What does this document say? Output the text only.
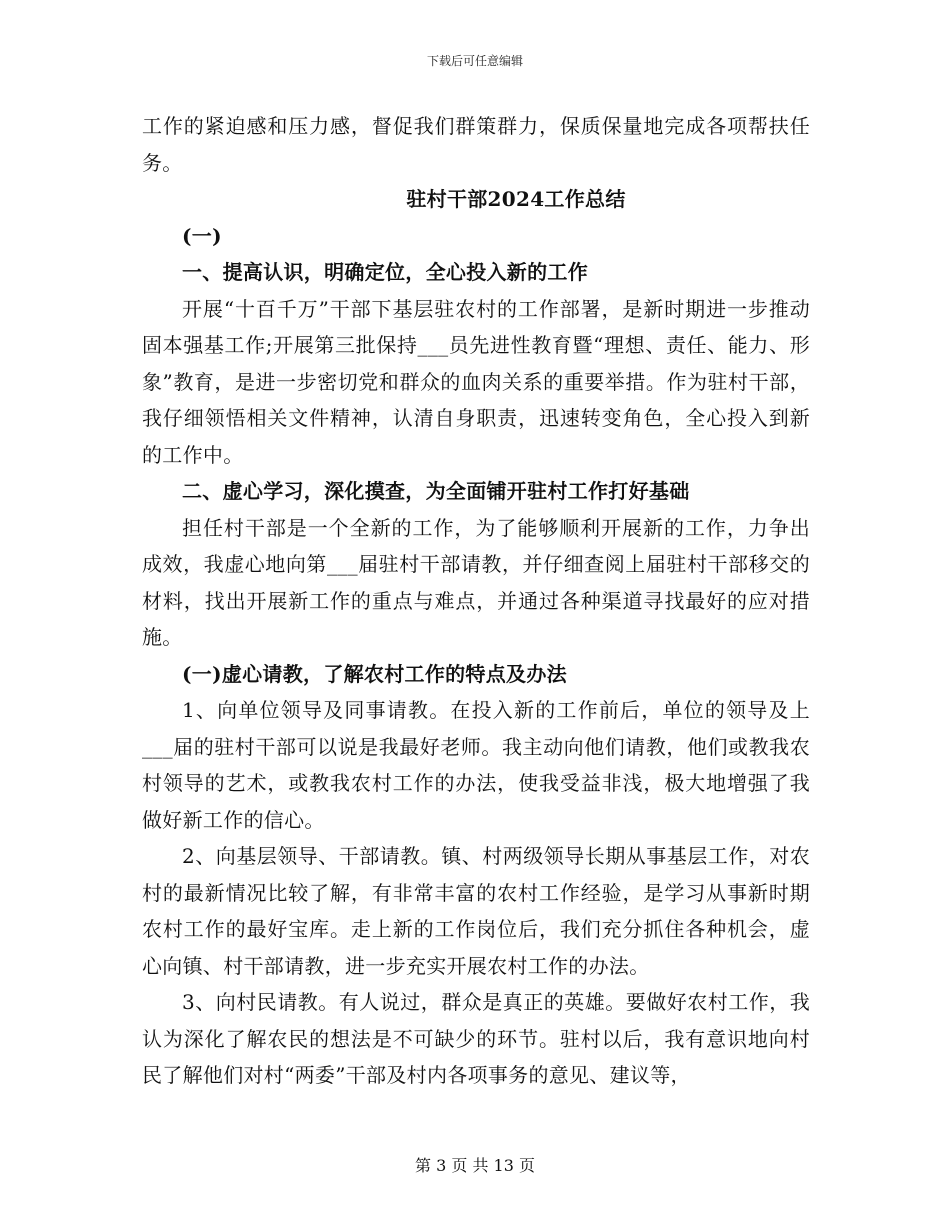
下载后可任意编辑

工作的紧迫感和压力感，督促我们群策群力，保质保量地完成各项帮扶任务。

驻村干部2024工作总结

(一)

一、提高认识，明确定位，全心投入新的工作

开展“十百千万”干部下基层驻农村的工作部署，是新时期进一步推动固本强基工作;开展第三批保持___员先进性教育暨“理想、责任、能力、形象”教育，是进一步密切党和群众的血肉关系的重要举措。作为驻村干部，我仔细领悟相关文件精神，认清自身职责，迅速转变角色，全心投入到新的工作中。

二、虚心学习，深化摸查，为全面铺开驻村工作打好基础

担任村干部是一个全新的工作，为了能够顺利开展新的工作，力争出成效，我虚心地向第___届驻村干部请教，并仔细查阅上届驻村干部移交的材料，找出开展新工作的重点与难点，并通过各种渠道寻找最好的应对措施。

(一)虚心请教，了解农村工作的特点及办法

1、向单位领导及同事请教。在投入新的工作前后，单位的领导及上___届的驻村干部可以说是我最好老师。我主动向他们请教，他们或教我农村领导的艺术，或教我农村工作的办法，使我受益非浅，极大地增强了我做好新工作的信心。

2、向基层领导、干部请教。镇、村两级领导长期从事基层工作，对农村的最新情况比较了解，有非常丰富的农村工作经验，是学习从事新时期农村工作的最好宝库。走上新的工作岗位后，我们充分抓住各种机会，虚心向镇、村干部请教，进一步充实开展农村工作的办法。

3、向村民请教。有人说过，群众是真正的英雄。要做好农村工作，我认为深化了解农民的想法是不可缺少的环节。驻村以后，我有意识地向村民了解他们对村“两委”干部及村内各项事务的意见、建议等，

第 3 页 共 13 页
